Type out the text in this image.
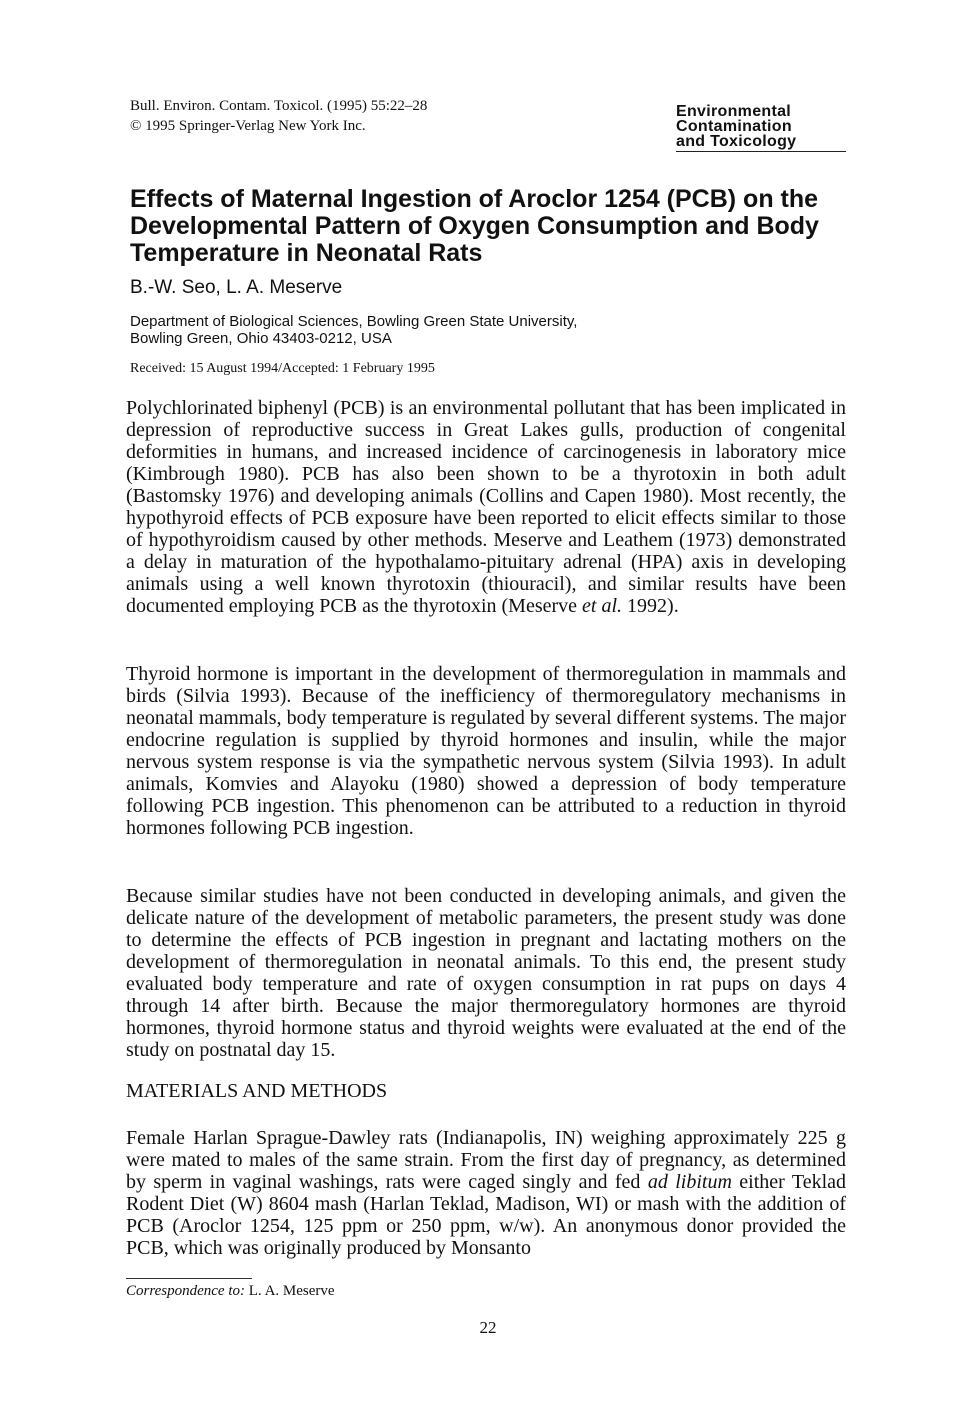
Bull. Environ. Contam. Toxicol. (1995) 55:22–28
© 1995 Springer-Verlag New York Inc.
Environmental
Contamination
and Toxicology
Effects of Maternal Ingestion of Aroclor 1254 (PCB) on the Developmental Pattern of Oxygen Consumption and Body Temperature in Neonatal Rats
B.-W. Seo, L. A. Meserve
Department of Biological Sciences, Bowling Green State University,
Bowling Green, Ohio 43403-0212, USA
Received: 15 August 1994/Accepted: 1 February 1995

Polychlorinated biphenyl (PCB) is an environmental pollutant that has been implicated in depression of reproductive success in Great Lakes gulls, production of congenital deformities in humans, and increased incidence of carcinogenesis in laboratory mice (Kimbrough 1980). PCB has also been shown to be a thyrotoxin in both adult (Bastomsky 1976) and developing animals (Collins and Capen 1980). Most recently, the hypothyroid effects of PCB exposure have been reported to elicit effects similar to those of hypothyroidism caused by other methods. Meserve and Leathem (1973) demonstrated a delay in maturation of the hypothalamo-pituitary adrenal (HPA) axis in developing animals using a well known thyrotoxin (thiouracil), and similar results have been documented employing PCB as the thyrotoxin (Meserve et al. 1992).

Thyroid hormone is important in the development of thermoregulation in mammals and birds (Silvia 1993). Because of the inefficiency of thermoregulatory mechanisms in neonatal mammals, body temperature is regulated by several different systems. The major endocrine regulation is supplied by thyroid hormones and insulin, while the major nervous system response is via the sympathetic nervous system (Silvia 1993). In adult animals, Komvies and Alayoku (1980) showed a depression of body temperature following PCB ingestion. This phenomenon can be attributed to a reduction in thyroid hormones following PCB ingestion.

Because similar studies have not been conducted in developing animals, and given the delicate nature of the development of metabolic parameters, the present study was done to determine the effects of PCB ingestion in pregnant and lactating mothers on the development of thermoregulation in neonatal animals. To this end, the present study evaluated body temperature and rate of oxygen consumption in rat pups on days 4 through 14 after birth. Because the major thermoregulatory hormones are thyroid hormones, thyroid hormone status and thyroid weights were evaluated at the end of the study on postnatal day 15.

MATERIALS AND METHODS

Female Harlan Sprague-Dawley rats (Indianapolis, IN) weighing approximately 225 g were mated to males of the same strain. From the first day of pregnancy, as determined by sperm in vaginal washings, rats were caged singly and fed ad libitum either Teklad Rodent Diet (W) 8604 mash (Harlan Teklad, Madison, WI) or mash with the addition of PCB (Aroclor 1254, 125 ppm or 250 ppm, w/w). An anonymous donor provided the PCB, which was originally produced by Monsanto

Correspondence to: L. A. Meserve
22
